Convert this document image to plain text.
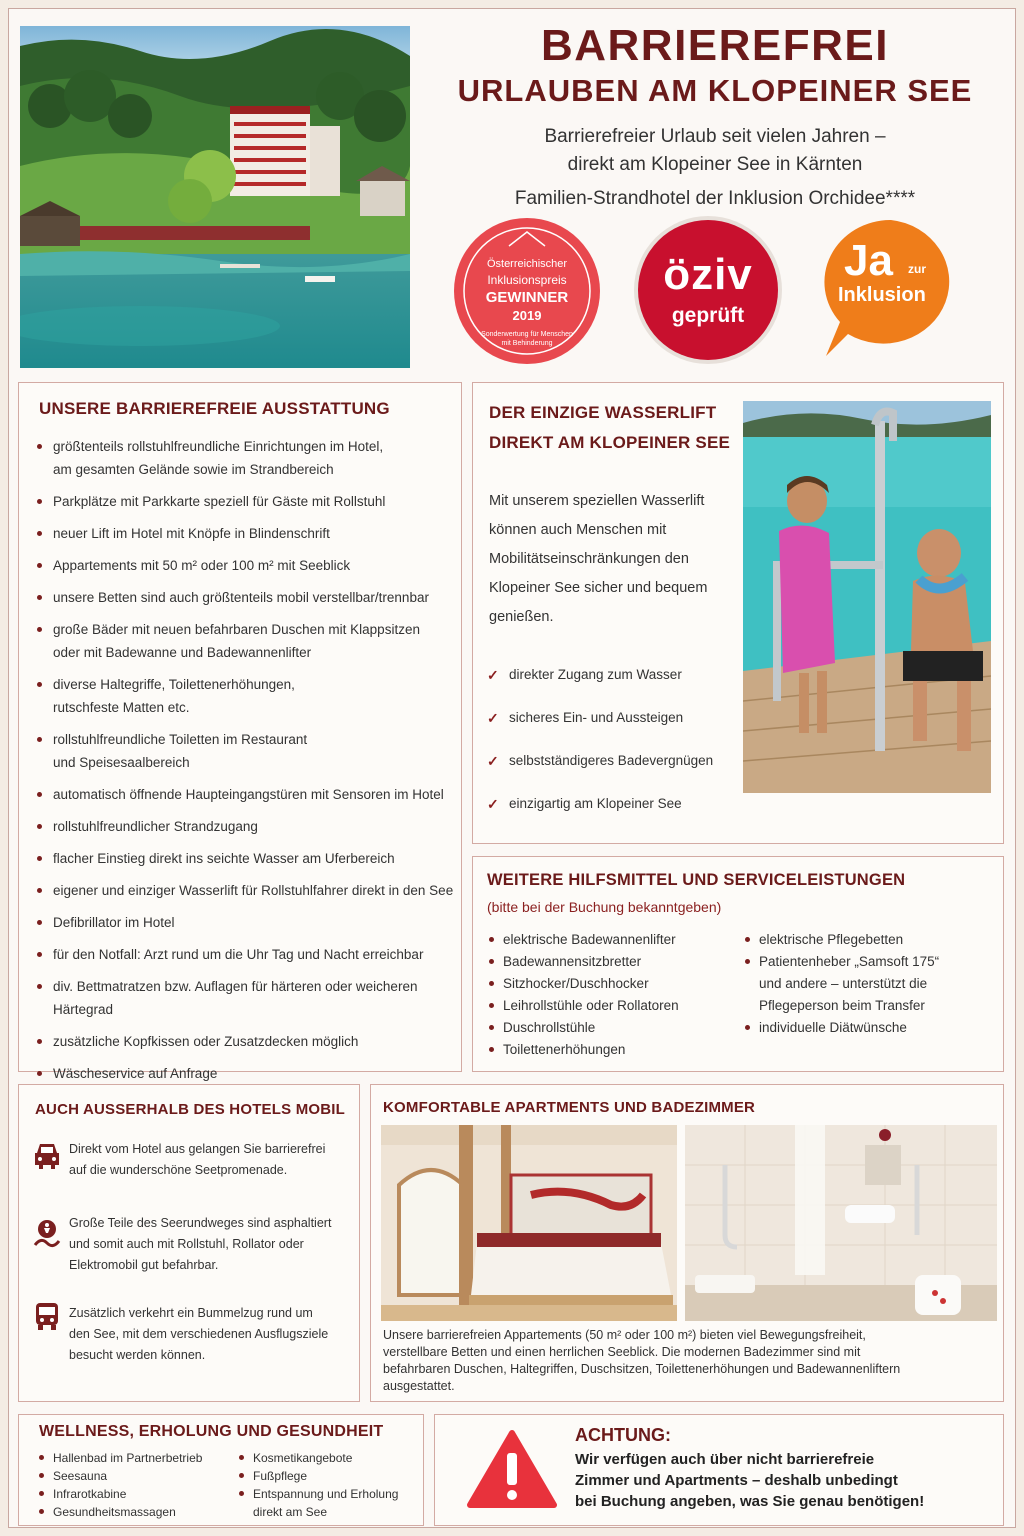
BARRIEREFREI
URLAUBEN AM KLOPEINER SEE
Barrierefreier Urlaub seit vielen Jahren –
direkt am Klopeiner See in Kärnten
Familien-Strandhotel der Inklusion Orchidee****
Österreichischer
Inklusionspreis
GEWINNER
2019
Sonderwertung für Menschen mit Behinderung
öziv
geprüft
Ja zur
Inklusion
UNSERE BARRIEREFREIE AUSSTATTUNG
größtenteils rollstuhlfreundliche Einrichtungen im Hotel,
am gesamten Gelände sowie im Strandbereich
Parkplätze mit Parkkarte speziell für Gäste mit Rollstuhl
neuer Lift im Hotel mit Knöpfe in Blindenschrift
Appartements mit 50 m² oder 100 m² mit Seeblick
unsere Betten sind auch größtenteils mobil verstellbar/trennbar
große Bäder mit neuen befahrbaren Duschen mit Klappsitzen
oder mit Badewanne und Badewannenlifter
diverse Haltegriffe, Toilettenerhöhungen,
rutschfeste Matten etc.
rollstuhlfreundliche Toiletten im Restaurant
und Speisesaalbereich
automatisch öffnende Haupteingangstüren mit Sensoren im Hotel
rollstuhlfreundlicher Strandzugang
flacher Einstieg direkt ins seichte Wasser am Uferbereich
eigener und einziger Wasserlift für Rollstuhlfahrer direkt in den See
Defibrillator im Hotel
für den Notfall: Arzt rund um die Uhr Tag und Nacht erreichbar
div. Bettmatratzen bzw. Auflagen für härteren oder weicheren Härtegrad
zusätzliche Kopfkissen oder Zusatzdecken möglich
Wäscheservice auf Anfrage
DER EINZIGE WASSERLIFT
DIREKT AM KLOPEINER SEE
Mit unserem speziellen Wasserlift
können auch Menschen mit
Mobilitätseinschränkungen den
Klopeiner See sicher und bequem
genießen.
✓ direkter Zugang zum Wasser
✓ sicheres Ein- und Aussteigen
✓ selbstständigeres Badevergnügen
✓ einzigartig am Klopeiner See
WEITERE HILFSMITTEL UND SERVICELEISTUNGEN
(bitte bei der Buchung bekanntgeben)
elektrische Badewannenlifter
Badewannensitzbretter
Sitzhocker/Duschhocker
Leihrollstühle oder Rollatoren
Duschrollstühle
Toilettenerhöhungen
elektrische Pflegebetten
Patientenheber „Samsoft 175“
und andere – unterstützt die
Pflegeperson beim Transfer
individuelle Diätwünsche
AUCH AUSSERHALB DES HOTELS MOBIL
Direkt vom Hotel aus gelangen Sie barrierefrei
auf die wunderschöne Seetpromenade.
Große Teile des Seerundweges sind asphaltiert
und somit auch mit Rollstuhl, Rollator oder
Elektromobil gut befahrbar.
Zusätzlich verkehrt ein Bummelzug rund um
den See, mit dem verschiedenen Ausflugsziele
besucht werden können.
KOMFORTABLE APARTMENTS UND BADEZIMMER
Unsere barrierefreien Appartements (50 m² oder 100 m²) bieten viel Bewegungsfreiheit,
verstellbare Betten und einen herrlichen Seeblick. Die modernen Badezimmer sind mit
befahrbaren Duschen, Haltegriffen, Duschsitzen, Toilettenerhöhungen und Badewannenliftern
ausgestattet.
WELLNESS, ERHOLUNG UND GESUNDHEIT
Hallenbad im Partnerbetrieb
Seesauna
Infrarotkabine
Gesundheitsmassagen
Kosmetikangebote
Fußpflege
Entspannung und Erholung
direkt am See
ACHTUNG:
Wir verfügen auch über nicht barrierefreie
Zimmer und Apartments – deshalb unbedingt
bei Buchung angeben, was Sie genau benötigen!
